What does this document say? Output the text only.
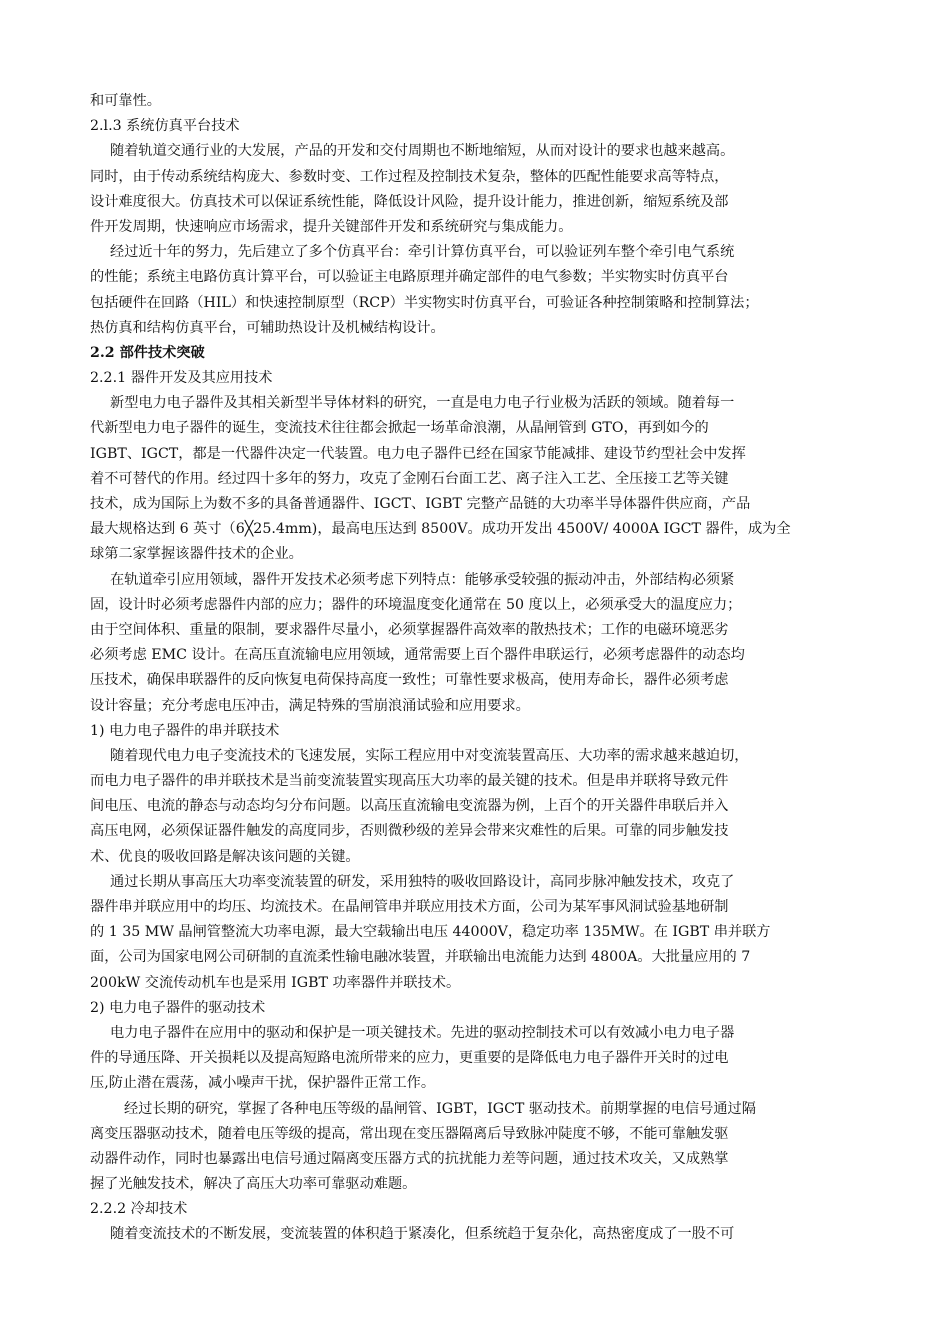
和可靠性。
2.l.3 系统仿真平台技术
随着轨道交通行业的大发展，产品的开发和交付周期也不断地缩短，从而对设计的要求也越来越高。
同时，由于传动系统结构庞大、参数时变、工作过程及控制技术复杂，整体的匹配性能要求高等特点，
设计难度很大。仿真技术可以保证系统性能，降低设计风险，提升设计能力，推进创新，缩短系统及部
件开发周期，快速响应市场需求，提升关键部件开发和系统研究与集成能力。
经过近十年的努力，先后建立了多个仿真平台：牵引计算仿真平台，可以验证列车整个牵引电气系统
的性能；系统主电路仿真计算平台，可以验证主电路原理并确定部件的电气参数；半实物实时仿真平台
包括硬件在回路（HIL）和快速控制原型（RCP）半实物实时仿真平台，可验证各种控制策略和控制算法；
热仿真和结构仿真平台，可辅助热设计及机械结构设计。
2.2 部件技术突破
2.2.1 器件开发及其应用技术
新型电力电子器件及其相关新型半导体材料的研究，一直是电力电子行业极为活跃的领域。随着每一
代新型电力电子器件的诞生，变流技术往往都会掀起一场革命浪潮，从晶闸管到 GTO，再到如今的
IGBT、IGCT，都是一代器件决定一代装置。电力电子器件已经在国家节能减排、建设节约型社会中发挥
着不可替代的作用。经过四十多年的努力，攻克了金刚石台面工艺、离子注入工艺、全压接工艺等关键
技术，成为国际上为数不多的具备普通器件、IGCT、IGBT 完整产品链的大功率半导体器件供应商，产品
最大规格达到 6 英寸（6╳25.4mm)，最高电压达到 8500V。成功开发出 4500V/ 4000A IGCT 器件，成为全
球第二家掌握该器件技术的企业。
在轨道牵引应用领域，器件开发技术必须考虑下列特点：能够承受较强的振动冲击，外部结构必须紧
固，设计时必须考虑器件内部的应力；器件的环境温度变化通常在 50 度以上，必须承受大的温度应力；
由于空间体积、重量的限制，要求器件尽量小，必须掌握器件高效率的散热技术；工作的电磁环境恶劣
必须考虑 EMC 设计。在高压直流输电应用领域，通常需要上百个器件串联运行，必须考虑器件的动态均
压技术，确保串联器件的反向恢复电荷保持高度一致性；可靠性要求极高，使用寿命长，器件必须考虑
设计容量；充分考虑电压冲击，满足特殊的雪崩浪涌试验和应用要求。
1) 电力电子器件的串并联技术
随着现代电力电子变流技术的飞速发展，实际工程应用中对变流装置高压、大功率的需求越来越迫切，
而电力电子器件的串并联技术是当前变流装置实现高压大功率的最关键的技术。但是串并联将导致元件
间电压、电流的静态与动态均匀分布问题。以高压直流输电变流器为例，上百个的开关器件串联后并入
高压电网，必须保证器件触发的高度同步，否则微秒级的差异会带来灾难性的后果。可靠的同步触发技
术、优良的吸收回路是解决该问题的关键。
通过长期从事高压大功率变流装置的研发，采用独特的吸收回路设计，高同步脉冲触发技术，攻克了
器件串并联应用中的均压、均流技术。在晶闸管串并联应用技术方面，公司为某军事风洞试验基地研制
的 1 35 MW 晶闸管整流大功率电源，最大空载输出电压 44000V，稳定功率 135MW。在 IGBT 串并联方
面，公司为国家电网公司研制的直流柔性输电融冰装置，并联输出电流能力达到 4800A。大批量应用的 7
200kW 交流传动机车也是采用 IGBT 功率器件并联技术。
2) 电力电子器件的驱动技术
电力电子器件在应用中的驱动和保护是一项关键技术。先进的驱动控制技术可以有效减小电力电子器
件的导通压降、开关损耗以及提高短路电流所带来的应力，更重要的是降低电力电子器件开关时的过电
压,防止潜在震荡，减小噪声干扰，保护器件正常工作。
经过长期的研究，掌握了各种电压等级的晶闸管、IGBT，IGCT 驱动技术。前期掌握的电信号通过隔
离变压器驱动技术，随着电压等级的提高，常出现在变压器隔离后导致脉冲陡度不够，不能可靠触发驱
动器件动作，同时也暴露出电信号通过隔离变压器方式的抗扰能力差等问题，通过技术攻关，又成熟掌
握了光触发技术，解决了高压大功率可靠驱动难题。
2.2.2 冷却技术
随着变流技术的不断发展，变流装置的体积趋于紧凑化，但系统趋于复杂化，高热密度成了一股不可
